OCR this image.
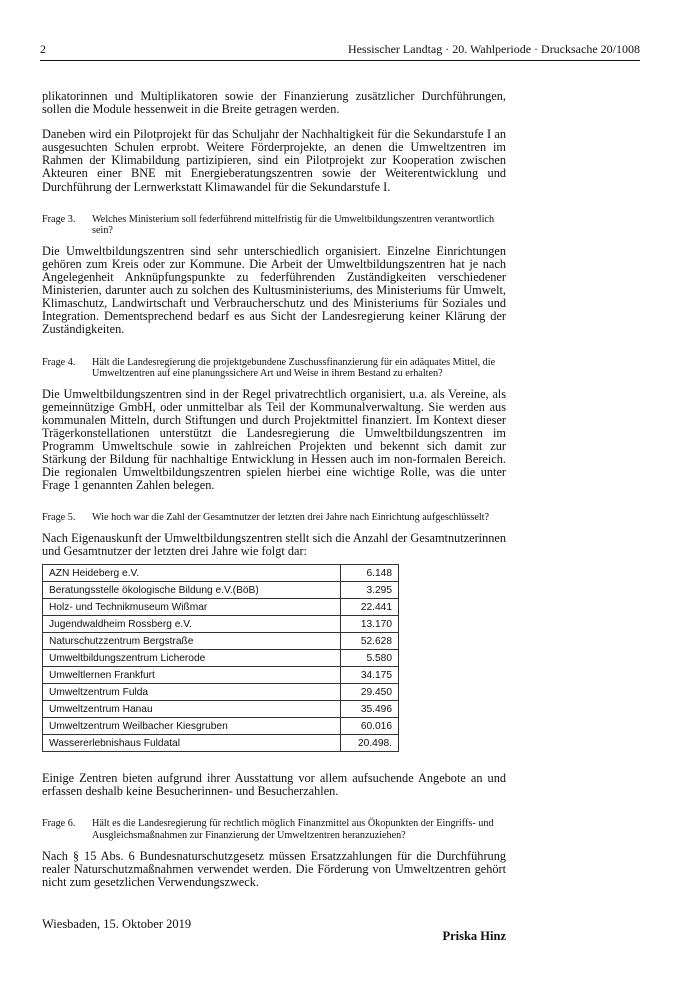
2	Hessischer Landtag · 20. Wahlperiode · Drucksache 20/1008

plikatorinnen und Multiplikatoren sowie der Finanzierung zusätzlicher Durchführungen, sollen die Module hessenweit in die Breite getragen werden.

Daneben wird ein Pilotprojekt für das Schuljahr der Nachhaltigkeit für die Sekundarstufe I an ausgesuchten Schulen erprobt. Weitere Förderprojekte, an denen die Umweltzentren im Rahmen der Klimabildung partizipieren, sind ein Pilotprojekt zur Kooperation zwischen Akteuren einer BNE mit Energieberatungszentren sowie der Weiterentwicklung und Durchführung der Lernwerkstatt Klimawandel für die Sekundarstufe I.

Frage 3.	Welches Ministerium soll federführend mittelfristig für die Umweltbildungszentren verantwortlich sein?

Die Umweltbildungszentren sind sehr unterschiedlich organisiert. Einzelne Einrichtungen gehören zum Kreis oder zur Kommune. Die Arbeit der Umweltbildungszentren hat je nach Angelegenheit Anknüpfungspunkte zu federführenden Zuständigkeiten verschiedener Ministerien, darunter auch zu solchen des Kultusministeriums, des Ministeriums für Umwelt, Klimaschutz, Landwirtschaft und Verbraucherschutz und des Ministeriums für Soziales und Integration. Dementsprechend bedarf es aus Sicht der Landesregierung keiner Klärung der Zuständigkeiten.

Frage 4.	Hält die Landesregierung die projektgebundene Zuschussfinanzierung für ein adäquates Mittel, die Umweltzentren auf eine planungssichere Art und Weise in ihrem Bestand zu erhalten?

Die Umweltbildungszentren sind in der Regel privatrechtlich organisiert, u.a. als Vereine, als gemeinnützige GmbH, oder unmittelbar als Teil der Kommunalverwaltung. Sie werden aus kommunalen Mitteln, durch Stiftungen und durch Projektmittel finanziert. Im Kontext dieser Trägerkonstellationen unterstützt die Landesregierung die Umweltbildungszentren im Programm Umweltschule sowie in zahlreichen Projekten und bekennt sich damit zur Stärkung der Bildung für nachhaltige Entwicklung in Hessen auch im non-formalen Bereich. Die regionalen Umweltbildungszentren spielen hierbei eine wichtige Rolle, was die unter Frage 1 genannten Zahlen belegen.

Frage 5.	Wie hoch war die Zahl der Gesamtnutzer der letzten drei Jahre nach Einrichtung aufgeschlüsselt?

Nach Eigenauskunft der Umweltbildungszentren stellt sich die Anzahl der Gesamtnutzerinnen und Gesamtnutzer der letzten drei Jahre wie folgt dar:

AZN Heideberg e.V.	6.148
Beratungsstelle ökologische Bildung e.V.(BöB)	3.295
Holz- und Technikmuseum Wißmar	22.441
Jugendwaldheim Rossberg e.V.	13.170
Naturschutzzentrum Bergstraße	52.628
Umweltbildungszentrum Licherode	5.580
Umweltlernen Frankfurt	34.175
Umweltzentrum Fulda	29.450
Umweltzentrum Hanau	35.496
Umweltzentrum Weilbacher Kiesgruben	60.016
Wassererlebnishaus Fuldatal	20.498.

Einige Zentren bieten aufgrund ihrer Ausstattung vor allem aufsuchende Angebote an und erfassen deshalb keine Besucherinnen- und Besucherzahlen.

Frage 6.	Hält es die Landesregierung für rechtlich möglich Finanzmittel aus Ökopunkten der Eingriffs- und Ausgleichsmaßnahmen zur Finanzierung der Umweltzentren heranzuziehen?

Nach § 15 Abs. 6 Bundesnaturschutzgesetz müssen Ersatzzahlungen für die Durchführung realer Naturschutzmaßnahmen verwendet werden. Die Förderung von Umweltzentren gehört nicht zum gesetzlichen Verwendungszweck.

Wiesbaden, 15. Oktober 2019
Priska Hinz
